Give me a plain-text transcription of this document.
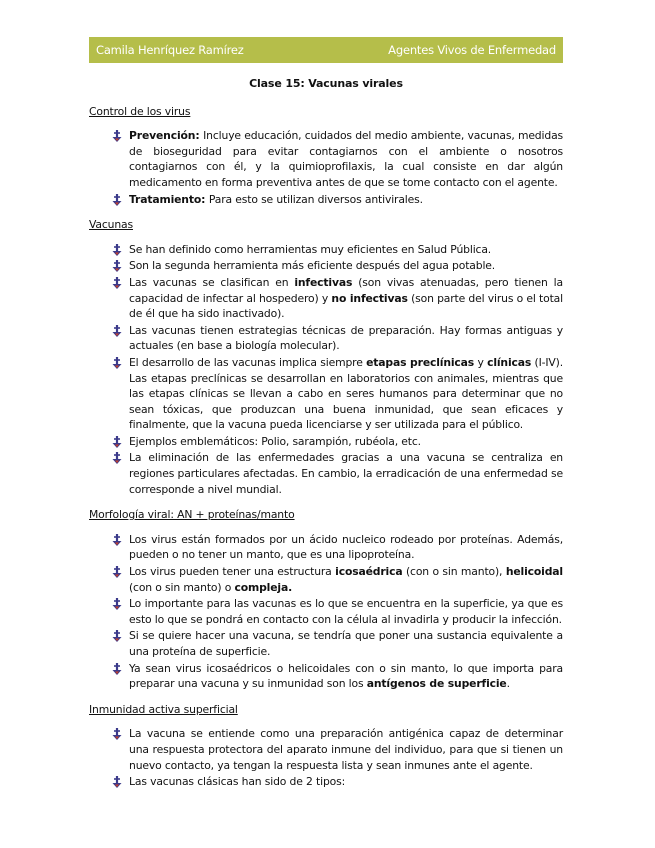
Camila Henríquez Ramírez	Agentes Vivos de Enfermedad
Clase 15: Vacunas virales
Control de los virus
Prevención: Incluye educación, cuidados del medio ambiente, vacunas, medidas de bioseguridad para evitar contagiarnos con el ambiente o nosotros contagiarnos con él, y la quimioprofilaxis, la cual consiste en dar algún medicamento en forma preventiva antes de que se tome contacto con el agente.
Tratamiento: Para esto se utilizan diversos antivirales.
Vacunas
Se han definido como herramientas muy eficientes en Salud Pública.
Son la segunda herramienta más eficiente después del agua potable.
Las vacunas se clasifican en infectivas (son vivas atenuadas, pero tienen la capacidad de infectar al hospedero) y no infectivas (son parte del virus o el total de él que ha sido inactivado).
Las vacunas tienen estrategias técnicas de preparación. Hay formas antiguas y actuales (en base a biología molecular).
El desarrollo de las vacunas implica siempre etapas preclínicas y clínicas (I-IV). Las etapas preclínicas se desarrollan en laboratorios con animales, mientras que las etapas clínicas se llevan a cabo en seres humanos para determinar que no sean tóxicas, que produzcan una buena inmunidad, que sean eficaces y finalmente, que la vacuna pueda licenciarse y ser utilizada para el público.
Ejemplos emblemáticos: Polio, sarampión, rubéola, etc.
La eliminación de las enfermedades gracias a una vacuna se centraliza en regiones particulares afectadas. En cambio, la erradicación de una enfermedad se corresponde a nivel mundial.
Morfología viral: AN + proteínas/manto
Los virus están formados por un ácido nucleico rodeado por proteínas. Además, pueden o no tener un manto, que es una lipoproteína.
Los virus pueden tener una estructura icosaédrica (con o sin manto), helicoidal (con o sin manto) o compleja.
Lo importante para las vacunas es lo que se encuentra en la superficie, ya que es esto lo que se pondrá en contacto con la célula al invadirla y producir la infección.
Si se quiere hacer una vacuna, se tendría que poner una sustancia equivalente a una proteína de superficie.
Ya sean virus icosaédricos o helicoidales con o sin manto, lo que importa para preparar una vacuna y su inmunidad son los antígenos de superficie.
Inmunidad activa superficial
La vacuna se entiende como una preparación antigénica capaz de determinar una respuesta protectora del aparato inmune del individuo, para que si tienen un nuevo contacto, ya tengan la respuesta lista y sean inmunes ante el agente.
Las vacunas clásicas han sido de 2 tipos:
